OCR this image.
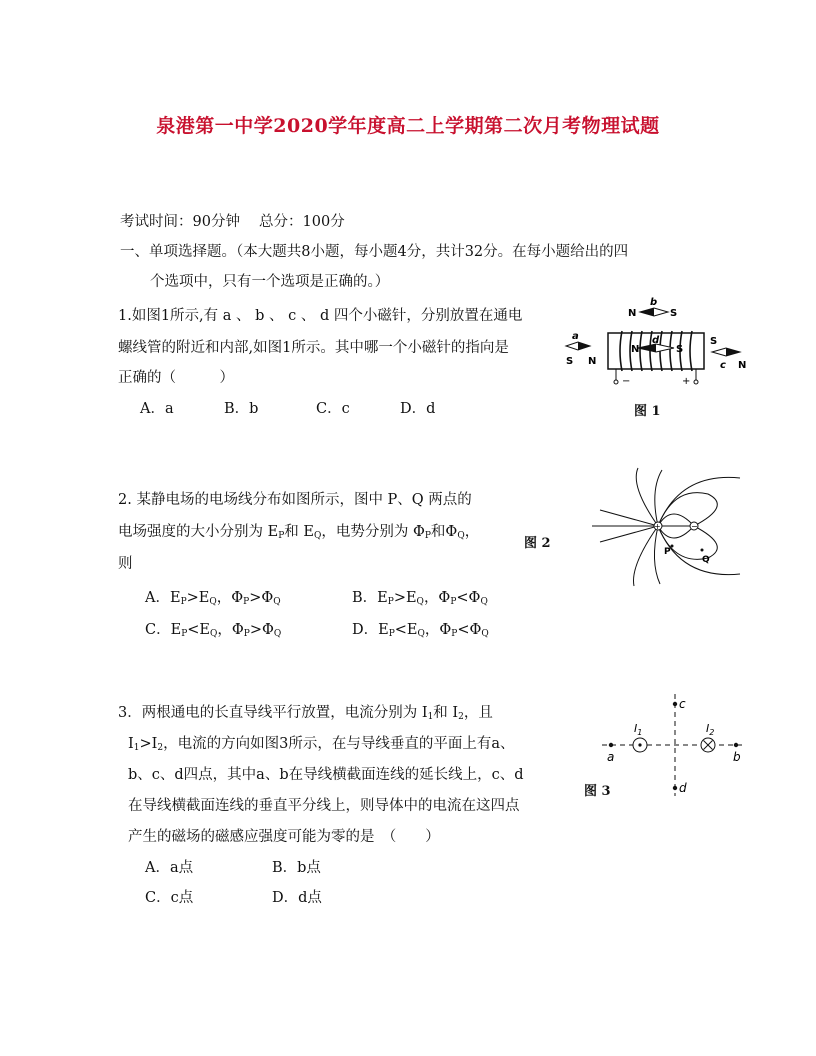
泉港第一中学2020学年度高二上学期第二次月考物理试题
考试时间：90分钟　 总分：100分
一、单项选择题。（本大题共8小题，每小题4分，共计32分。在每小题给出的四
个选项中，只有一个选项是正确的。）
1.如图1所示,有 a 、 b 、 c 、 d 四个小磁针，分别放置在通电
螺线管的附近和内部,如图1所示。其中哪一个小磁针的指向是
正确的（　　　）
A．a	B．b	C．c	D．d
−	+
N	S
b
a
S N
N
d
S
S
c N
图 1
2. 某静电场的电场线分布如图所示，图中 P、Q 两点的
电场强度的大小分别为 $E_P$和 $E_Q$，电势分别为 $\Phi_P$和$\Phi_Q$，
则
图 2
A．$E_P>E_Q$，$\Phi_P>\Phi_Q$	B．$E_P>E_Q$，$\Phi_P<\Phi_Q$
C．$E_P<E_Q$，$\Phi_P>\Phi_Q$	D．$E_P<E_Q$，$\Phi_P<\Phi_Q$
+	−
P
Q
3．两根通电的长直导线平行放置，电流分别为 $I_1$和 $I_2$，且
$I_1>I_2$，电流的方向如图3所示，在与导线垂直的平面上有a、
b、c、d四点，其中a、b在导线横截面连线的延长线上，c、d
在导线横截面连线的垂直平分线上，则导体中的电流在这四点
产生的磁场的磁感应强度可能为零的是　（　　）
A．a点	B．b点
C．c点	D．d点
a	b
c
d
$I_1$	$I_2$
图 3
